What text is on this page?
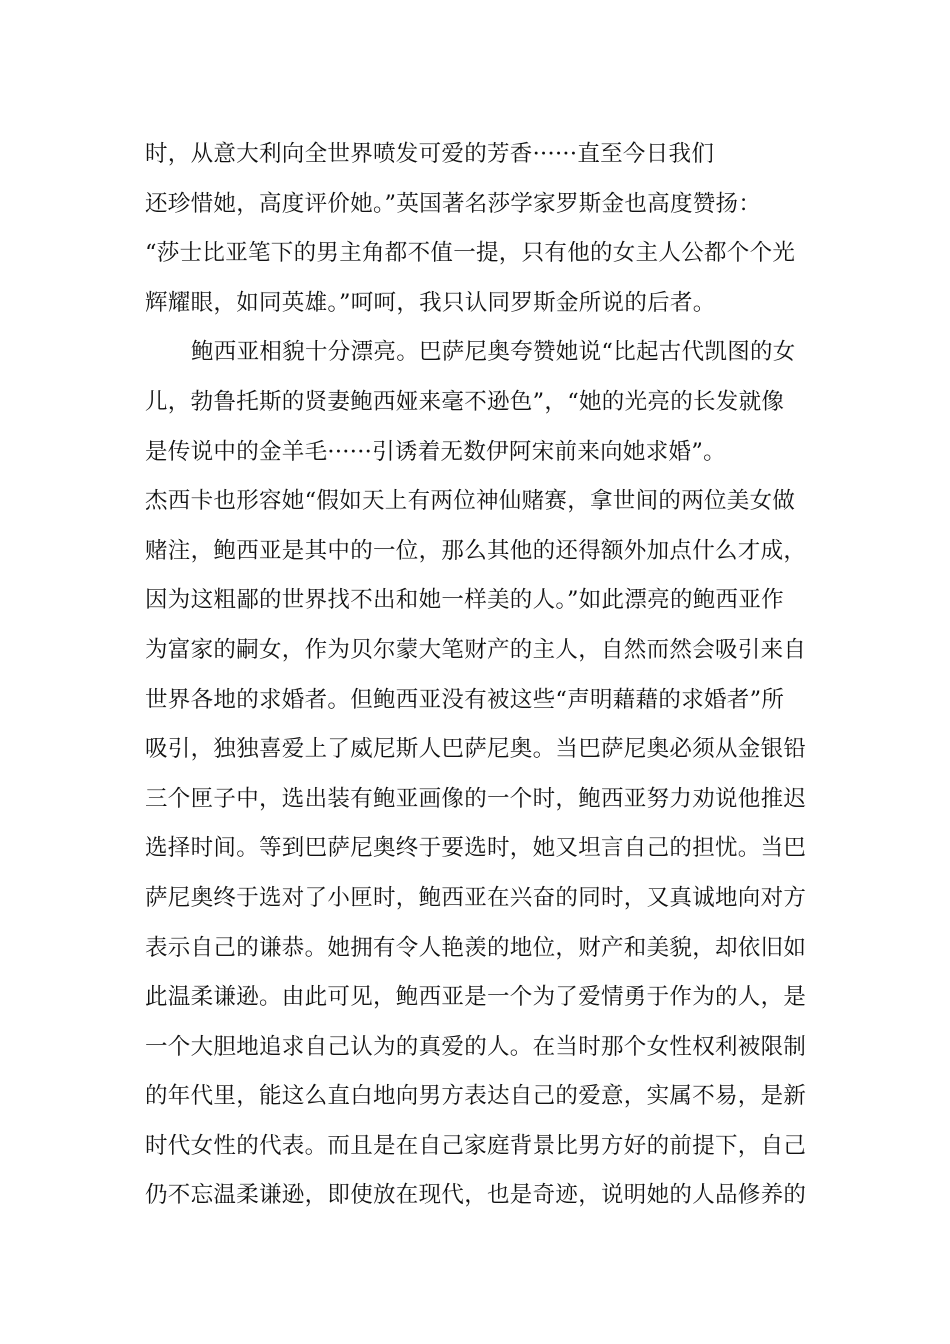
时，从意大利向全世界喷发可爱的芳香······直至今日我们
还珍惜她，高度评价她。”英国著名莎学家罗斯金也高度赞扬：
“莎士比亚笔下的男主角都不值一提，只有他的女主人公都个个光
辉耀眼，如同英雄。”呵呵，我只认同罗斯金所说的后者。
鲍西亚相貌十分漂亮。巴萨尼奥夸赞她说“比起古代凯图的女
儿，勃鲁托斯的贤妻鲍西娅来毫不逊色”，“她的光亮的长发就像
是传说中的金羊毛······引诱着无数伊阿宋前来向她求婚”。
杰西卡也形容她“假如天上有两位神仙赌赛，拿世间的两位美女做
赌注，鲍西亚是其中的一位，那么其他的还得额外加点什么才成，
因为这粗鄙的世界找不出和她一样美的人。”如此漂亮的鲍西亚作
为富家的嗣女，作为贝尔蒙大笔财产的主人，自然而然会吸引来自
世界各地的求婚者。但鲍西亚没有被这些“声明藉藉的求婚者”所
吸引，独独喜爱上了威尼斯人巴萨尼奥。当巴萨尼奥必须从金银铅
三个匣子中，选出装有鲍亚画像的一个时，鲍西亚努力劝说他推迟
选择时间。等到巴萨尼奥终于要选时，她又坦言自己的担忧。当巴
萨尼奥终于选对了小匣时，鲍西亚在兴奋的同时，又真诚地向对方
表示自己的谦恭。她拥有令人艳羡的地位，财产和美貌，却依旧如
此温柔谦逊。由此可见，鲍西亚是一个为了爱情勇于作为的人，是
一个大胆地追求自己认为的真爱的人。在当时那个女性权利被限制
的年代里，能这么直白地向男方表达自己的爱意，实属不易，是新
时代女性的代表。而且是在自己家庭背景比男方好的前提下，自己
仍不忘温柔谦逊，即使放在现代，也是奇迹，说明她的人品修养的
